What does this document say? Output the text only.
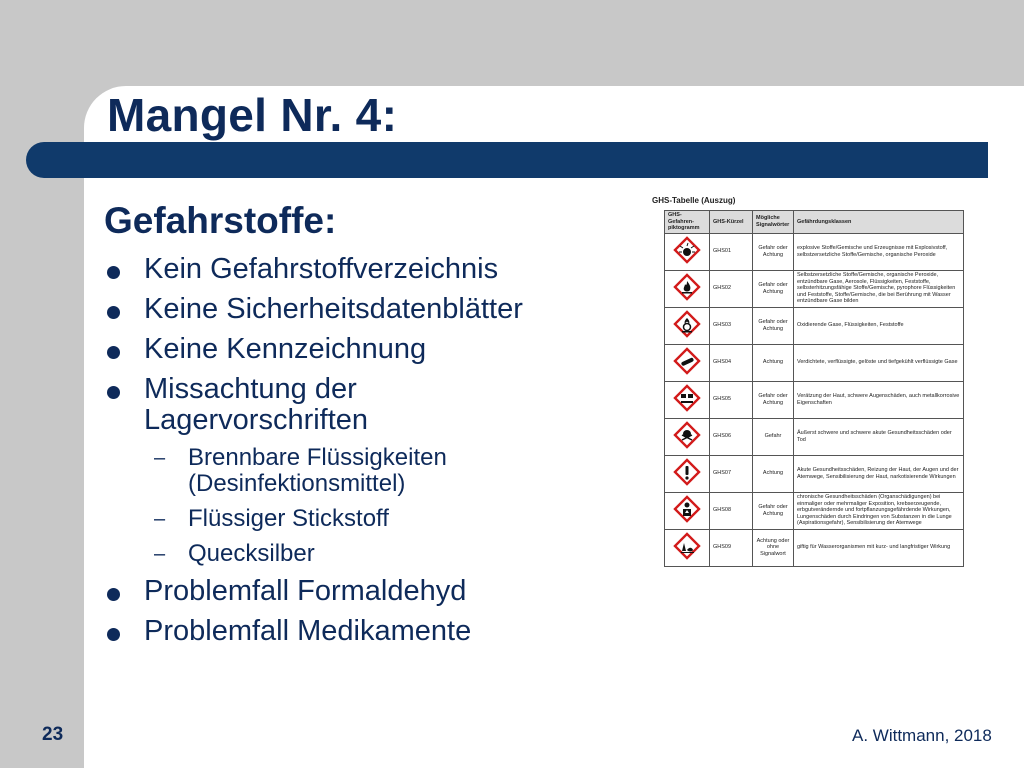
Mangel Nr. 4:
Gefahrstoffe:
Kein Gefahrstoffverzeichnis
Keine Sicherheitsdatenblätter
Keine Kennzeichnung
Missachtung der Lagervorschriften
– Brennbare Flüssigkeiten (Desinfektionsmittel)
– Flüssiger Stickstoff
– Quecksilber
Problemfall Formaldehyd
Problemfall Medikamente
GHS-Tabelle (Auszug)
GHS-Gefahren-piktogramm	GHS-Kürzel	Mögliche Signalwörter	Gefährdungsklassen
	GHS01	Gefahr oder Achtung	explosive Stoffe/Gemische und Erzeugnisse mit Explosivstoff, selbstzersetzliche Stoffe/Gemische, organische Peroxide
	GHS02	Gefahr oder Achtung	Selbstzersetzliche Stoffe/Gemische, organische Peroxide, entzündbare Gase, Aerosole, Flüssigkeiten, Feststoffe, selbsterhitzungsfähige Stoffe/Gemische, pyrophore Flüssigkeiten und Feststoffe, Stoffe/Gemische, die bei Berührung mit Wasser entzündbare Gase bilden
	GHS03	Gefahr oder Achtung	Oxidierende Gase, Flüssigkeiten, Feststoffe
	GHS04	Achtung	Verdichtete, verflüssigte, gelöste und tiefgekühlt verflüssigte Gase
	GHS05	Gefahr oder Achtung	Verätzung der Haut, schwere Augenschäden, auch metallkorrosive Eigenschaften
	GHS06	Gefahr	Äußerst schwere und schwere akute Gesundheitsschäden oder Tod
	GHS07	Achtung	Akute Gesundheitsschäden, Reizung der Haut, der Augen und der Atemwege, Sensibilisierung der Haut, narkotisierende Wirkungen
	GHS08	Gefahr oder Achtung	chronische Gesundheitsschäden (Organschädigungen) bei einmaliger oder mehrmaliger Exposition, krebserzeugende, erbgutverändernde und fortpflanzungsgefährdende Wirkungen, Lungenschäden durch Eindringen von Substanzen in die Lunge (Aspirationsgefahr), Sensibilisierung der Atemwege
	GHS09	Achtung oder ohne Signalwort	giftig für Wasserorganismen mit kurz- und langfristiger Wirkung
23	A. Wittmann, 2018
